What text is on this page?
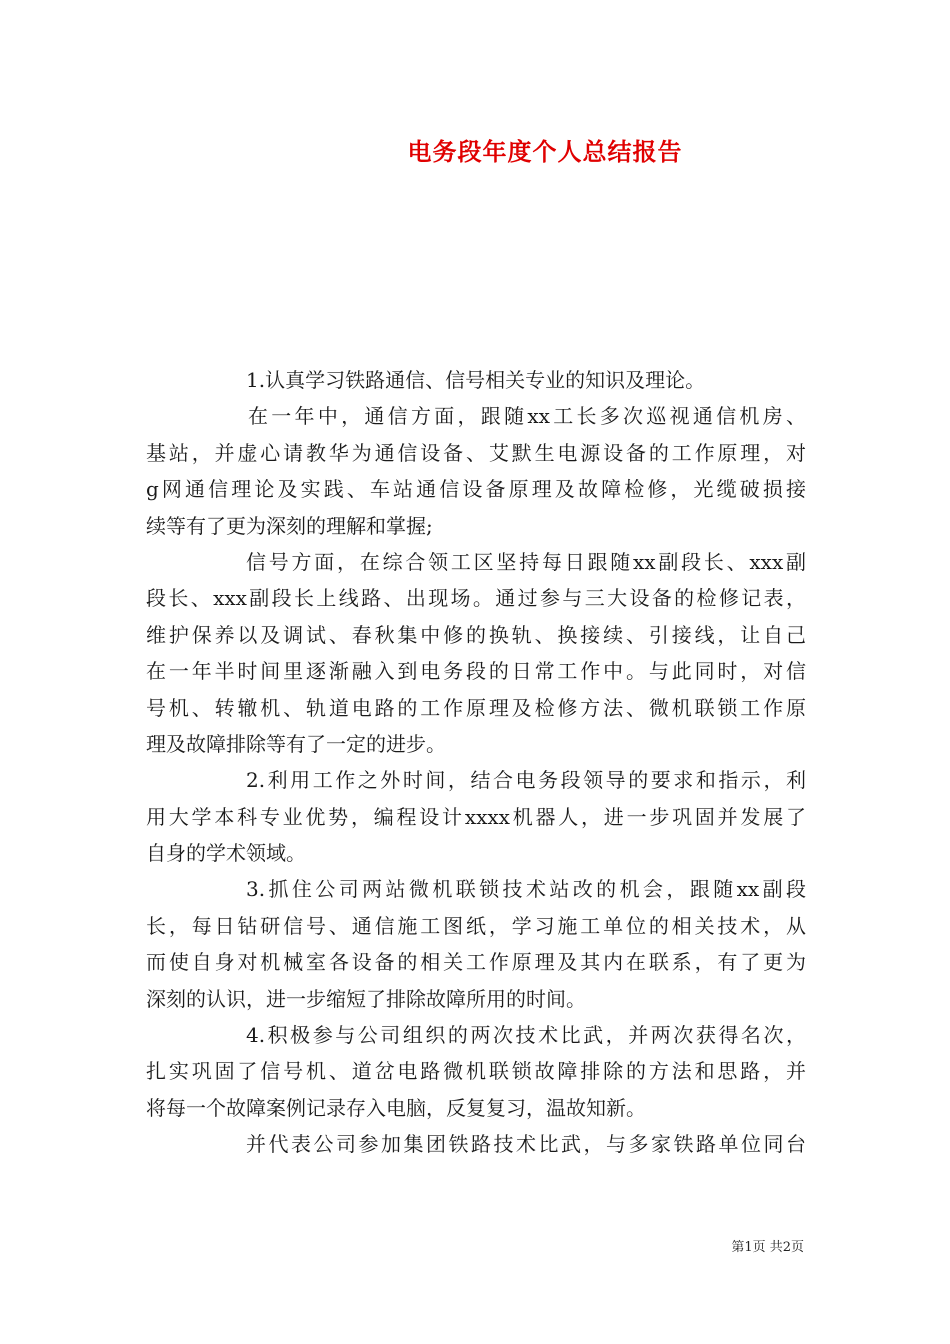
电务段年度个人总结报告
1.认真学习铁路通信、信号相关专业的知识及理论。
在一年中，通信方面，跟随xx工长多次巡视通信机房、
基站，并虚心请教华为通信设备、艾默生电源设备的工作原理，对
g网通信理论及实践、车站通信设备原理及故障检修，光缆破损接
续等有了更为深刻的理解和掌握;
信号方面，在综合领工区坚持每日跟随xx副段长、xxx副
段长、xxx副段长上线路、出现场。通过参与三大设备的检修记表，
维护保养以及调试、春秋集中修的换轨、换接续、引接线，让自己
在一年半时间里逐渐融入到电务段的日常工作中。与此同时，对信
号机、转辙机、轨道电路的工作原理及检修方法、微机联锁工作原
理及故障排除等有了一定的进步。
2.利用工作之外时间，结合电务段领导的要求和指示，利
用大学本科专业优势，编程设计xxxx机器人，进一步巩固并发展了
自身的学术领域。
3.抓住公司两站微机联锁技术站改的机会，跟随xx副段
长，每日钻研信号、通信施工图纸，学习施工单位的相关技术，从
而使自身对机械室各设备的相关工作原理及其内在联系，有了更为
深刻的认识，进一步缩短了排除故障所用的时间。
4.积极参与公司组织的两次技术比武，并两次获得名次，
扎实巩固了信号机、道岔电路微机联锁故障排除的方法和思路，并
将每一个故障案例记录存入电脑，反复复习，温故知新。
并代表公司参加集团铁路技术比武，与多家铁路单位同台
第1页 共2页
